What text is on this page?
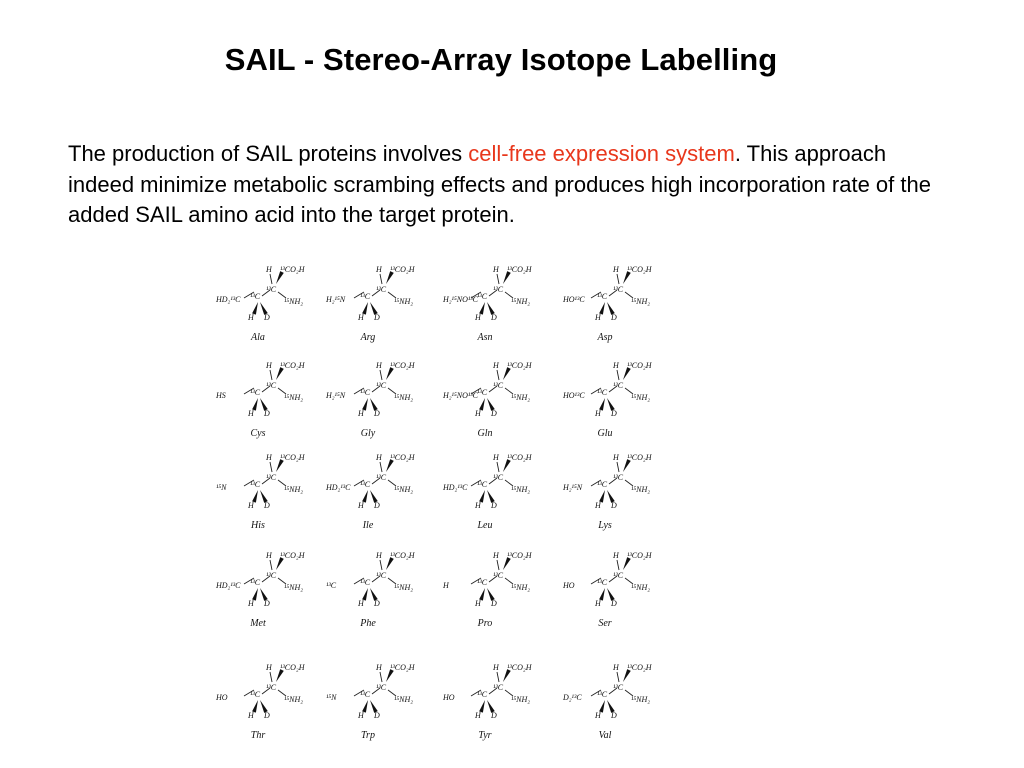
SAIL - Stereo-Array Isotope Labelling
The production of SAIL proteins involves cell-free expression system. This approach indeed minimize metabolic scrambing effects and produces high incorporation rate of the added SAIL amino acid into the target protein.
HD₂¹³C ¹³C
H D
¹³C
H ¹³CO₂H
¹⁵NH₂
Ala
H₂¹⁵N ¹³C
H D
¹³C
H ¹³CO₂H
¹⁵NH₂
Arg
H₂¹⁵NO¹³C ¹³C
H D
¹³C
H ¹³CO₂H
¹⁵NH₂
Asn
HO¹³C ¹³C
H D
¹³C
H ¹³CO₂H
¹⁵NH₂
Asp
HS	¹³C
H D
¹³C
H ¹³CO₂H
¹⁵NH₂
Cys
H₂¹⁵N ¹³C
H D
¹³C
H ¹³CO₂H
¹⁵NH₂
Gly
H₂¹⁵NO¹³C ¹³C
H D
¹³C
H ¹³CO₂H
¹⁵NH₂
Gln
HO¹³C ¹³C
H D
¹³C
H ¹³CO₂H
¹⁵NH₂
Glu
¹⁵N	¹³C
H D
¹³C
H ¹³CO₂H
¹⁵NH₂
His
HD₂¹³C ¹³C
H D
¹³C
H ¹³CO₂H
¹⁵NH₂
Ile
HD₂¹³C ¹³C
H D
¹³C
H ¹³CO₂H
¹⁵NH₂
Leu
H₂¹⁵N ¹³C
H D
¹³C
H ¹³CO₂H
¹⁵NH₂
Lys
HD₂¹³C ¹³C
H D
¹³C
H ¹³CO₂H
¹⁵NH₂
Met
¹³C	¹³C
H D
¹³C
H ¹³CO₂H
¹⁵NH₂
Phe
H	¹³C
H D
¹³C
H ¹³CO₂H
¹⁵NH₂
Pro
HO	¹³C
H D
¹³C
H ¹³CO₂H
¹⁵NH₂
Ser
HO	¹³C
H D
¹³C
H ¹³CO₂H
¹⁵NH₂
Thr
¹⁵N	¹³C
H D
¹³C
H ¹³CO₂H
¹⁵NH₂
Trp
HO	¹³C
H D
¹³C
H ¹³CO₂H
¹⁵NH₂
Tyr
D₂¹³C ¹³C
H D
¹³C
H ¹³CO₂H
¹⁵NH₂
Val
